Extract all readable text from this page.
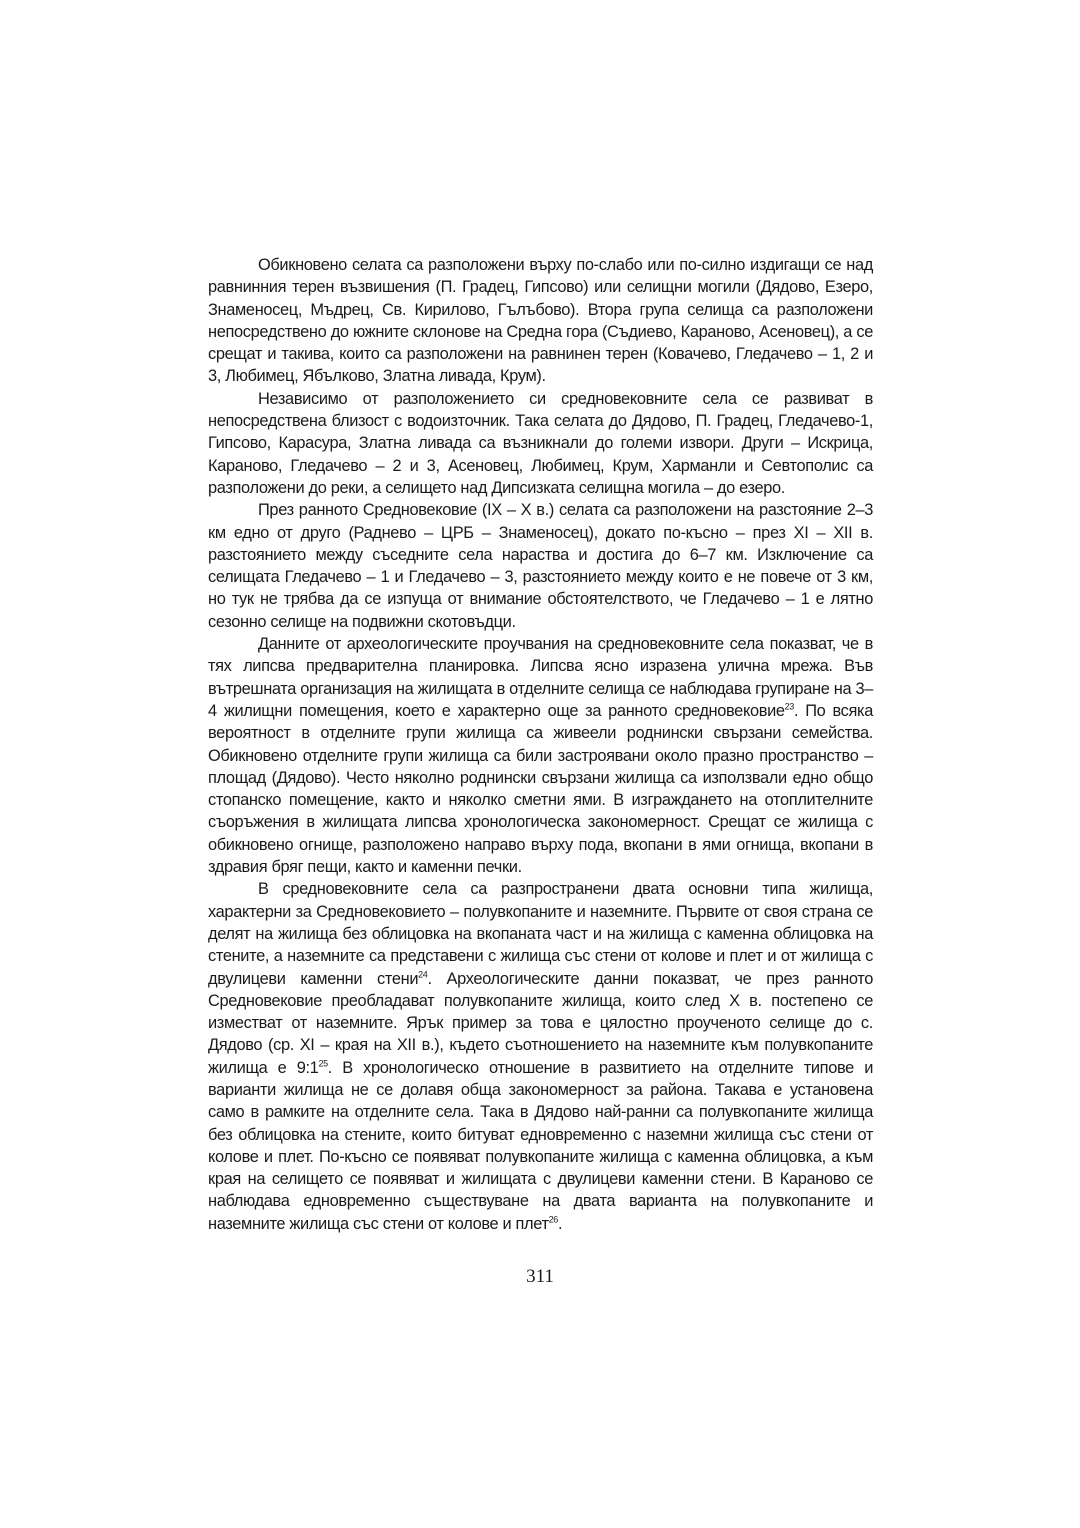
Обикновено селата са разположени върху по-слабо или по-силно издигащи се над равнинния терен възвишения (П. Градец, Гипсово) или селищни могили (Дядово, Езеро, Знаменосец, Мъдрец, Св. Кирилово, Гълъбово). Втора група селища са разположени непосредствено до южните склонове на Средна гора (Съдиево, Караново, Асеновец), а се срещат и такива, които са разположени на равнинен терен (Ковачево, Гледачево – 1, 2 и 3, Любимец, Ябълково, Златна ливада, Крум).

Независимо от разположението си средновековните села се развиват в непосредствена близост с водоизточник. Така селата до Дядово, П. Градец, Гледачево-1, Гипсово, Карасура, Златна ливада са възникнали до големи извори. Други – Искрица, Караново, Гледачево – 2 и 3, Асеновец, Любимец, Крум, Харманли и Севтополис са разположени до реки, а селището над Дипсизката селищна могила – до езеро.

През ранното Средновековие (IX – X в.) селата са разположени на разстояние 2–3 км едно от друго (Раднево – ЦРБ – Знаменосец), докато по-късно – през XI – XII в. разстоянието между съседните села нараства и достига до 6–7 км. Изключение са селищата Гледачево – 1 и Гледачево – 3, разстоянието между които е не повече от 3 км, но тук не трябва да се изпуща от внимание обстоятелството, че Гледачево – 1 е лятно сезонно селище на подвижни скотовъдци.

Данните от археологическите проучвания на средновековните села показват, че в тях липсва предварителна планировка. Липсва ясно изразена улична мрежа. Във вътрешната организация на жилищата в отделните селища се наблюдава групиране на 3–4 жилищни помещения, което е характерно още за ранното средновековие$^{23}$. По всяка вероятност в отделните групи жилища са живеели роднински свързани семейства. Обикновено отделните групи жилища са били застроявани около празно пространство – площад (Дядово). Често няколно роднински свързани жилища са използвали едно общо стопанско помещение, както и няколко сметни ями. В изграждането на отоплителните съоръжения в жилищата липсва хронологическа закономерност. Срещат се жилища с обикновено огнище, разположено направо върху пода, вкопани в ями огнища, вкопани в здравия бряг пещи, както и каменни печки.

В средновековните села са разпространени двата основни типа жилища, характерни за Средновековието – полувкопаните и наземните. Първите от своя страна се делят на жилища без облицовка на вкопаната част и на жилища с каменна облицовка на стените, а наземните са представени с жилища със стени от колове и плет и от жилища с двулицеви каменни стени$^{24}$. Археологическите данни показват, че през ранното Средновековие преобладават полувкопаните жилища, които след X в. постепено се изместват от наземните. Ярък пример за това е цялостно проученото селище до с. Дядово (ср. XI – края на XII в.), където съотношението на наземните към полувкопаните жилища е $9:1^{25}$. В хронологическо отношение в развитието на отделните типове и варианти жилища не се долавя обща закономерност за района. Такава е установена само в рамките на отделните села. Така в Дядово най-ранни са полувкопаните жилища без облицовка на стените, които битуват едновременно с наземни жилища със стени от колове и плет. По-късно се появяват полувкопаните жилища с каменна облицовка, а към края на селището се появяват и жилищата с двулицеви каменни стени. В Караново се наблюдава едновременно съществуване на двата варианта на полувкопаните и наземните жилища със стени от колове и плет$^{26}$.

311
